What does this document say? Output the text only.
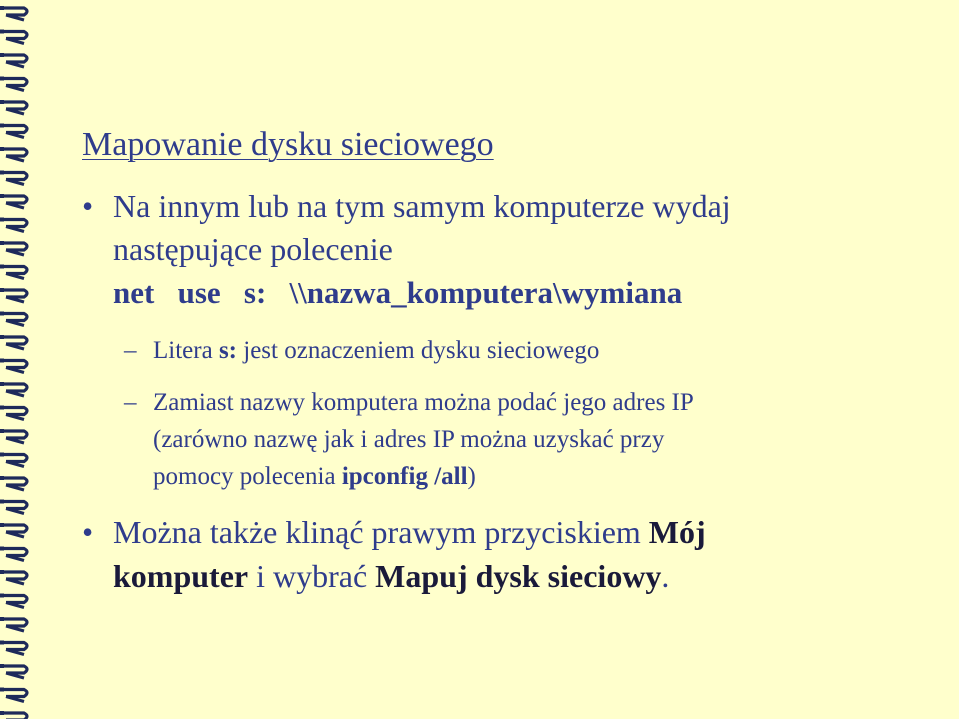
Mapowanie dysku sieciowego
• Na innym lub na tym samym komputerze wydaj
następujące polecenie
net   use   s:   \\nazwa_komputera\wymiana
– Litera s: jest oznaczeniem dysku sieciowego
– Zamiast nazwy komputera można podać jego adres IP
(zarówno nazwę jak i adres IP można uzyskać przy
pomocy polecenia ipconfig /all)
• Można także klinąć prawym przyciskiem Mój
komputer i wybrać Mapuj dysk sieciowy.
